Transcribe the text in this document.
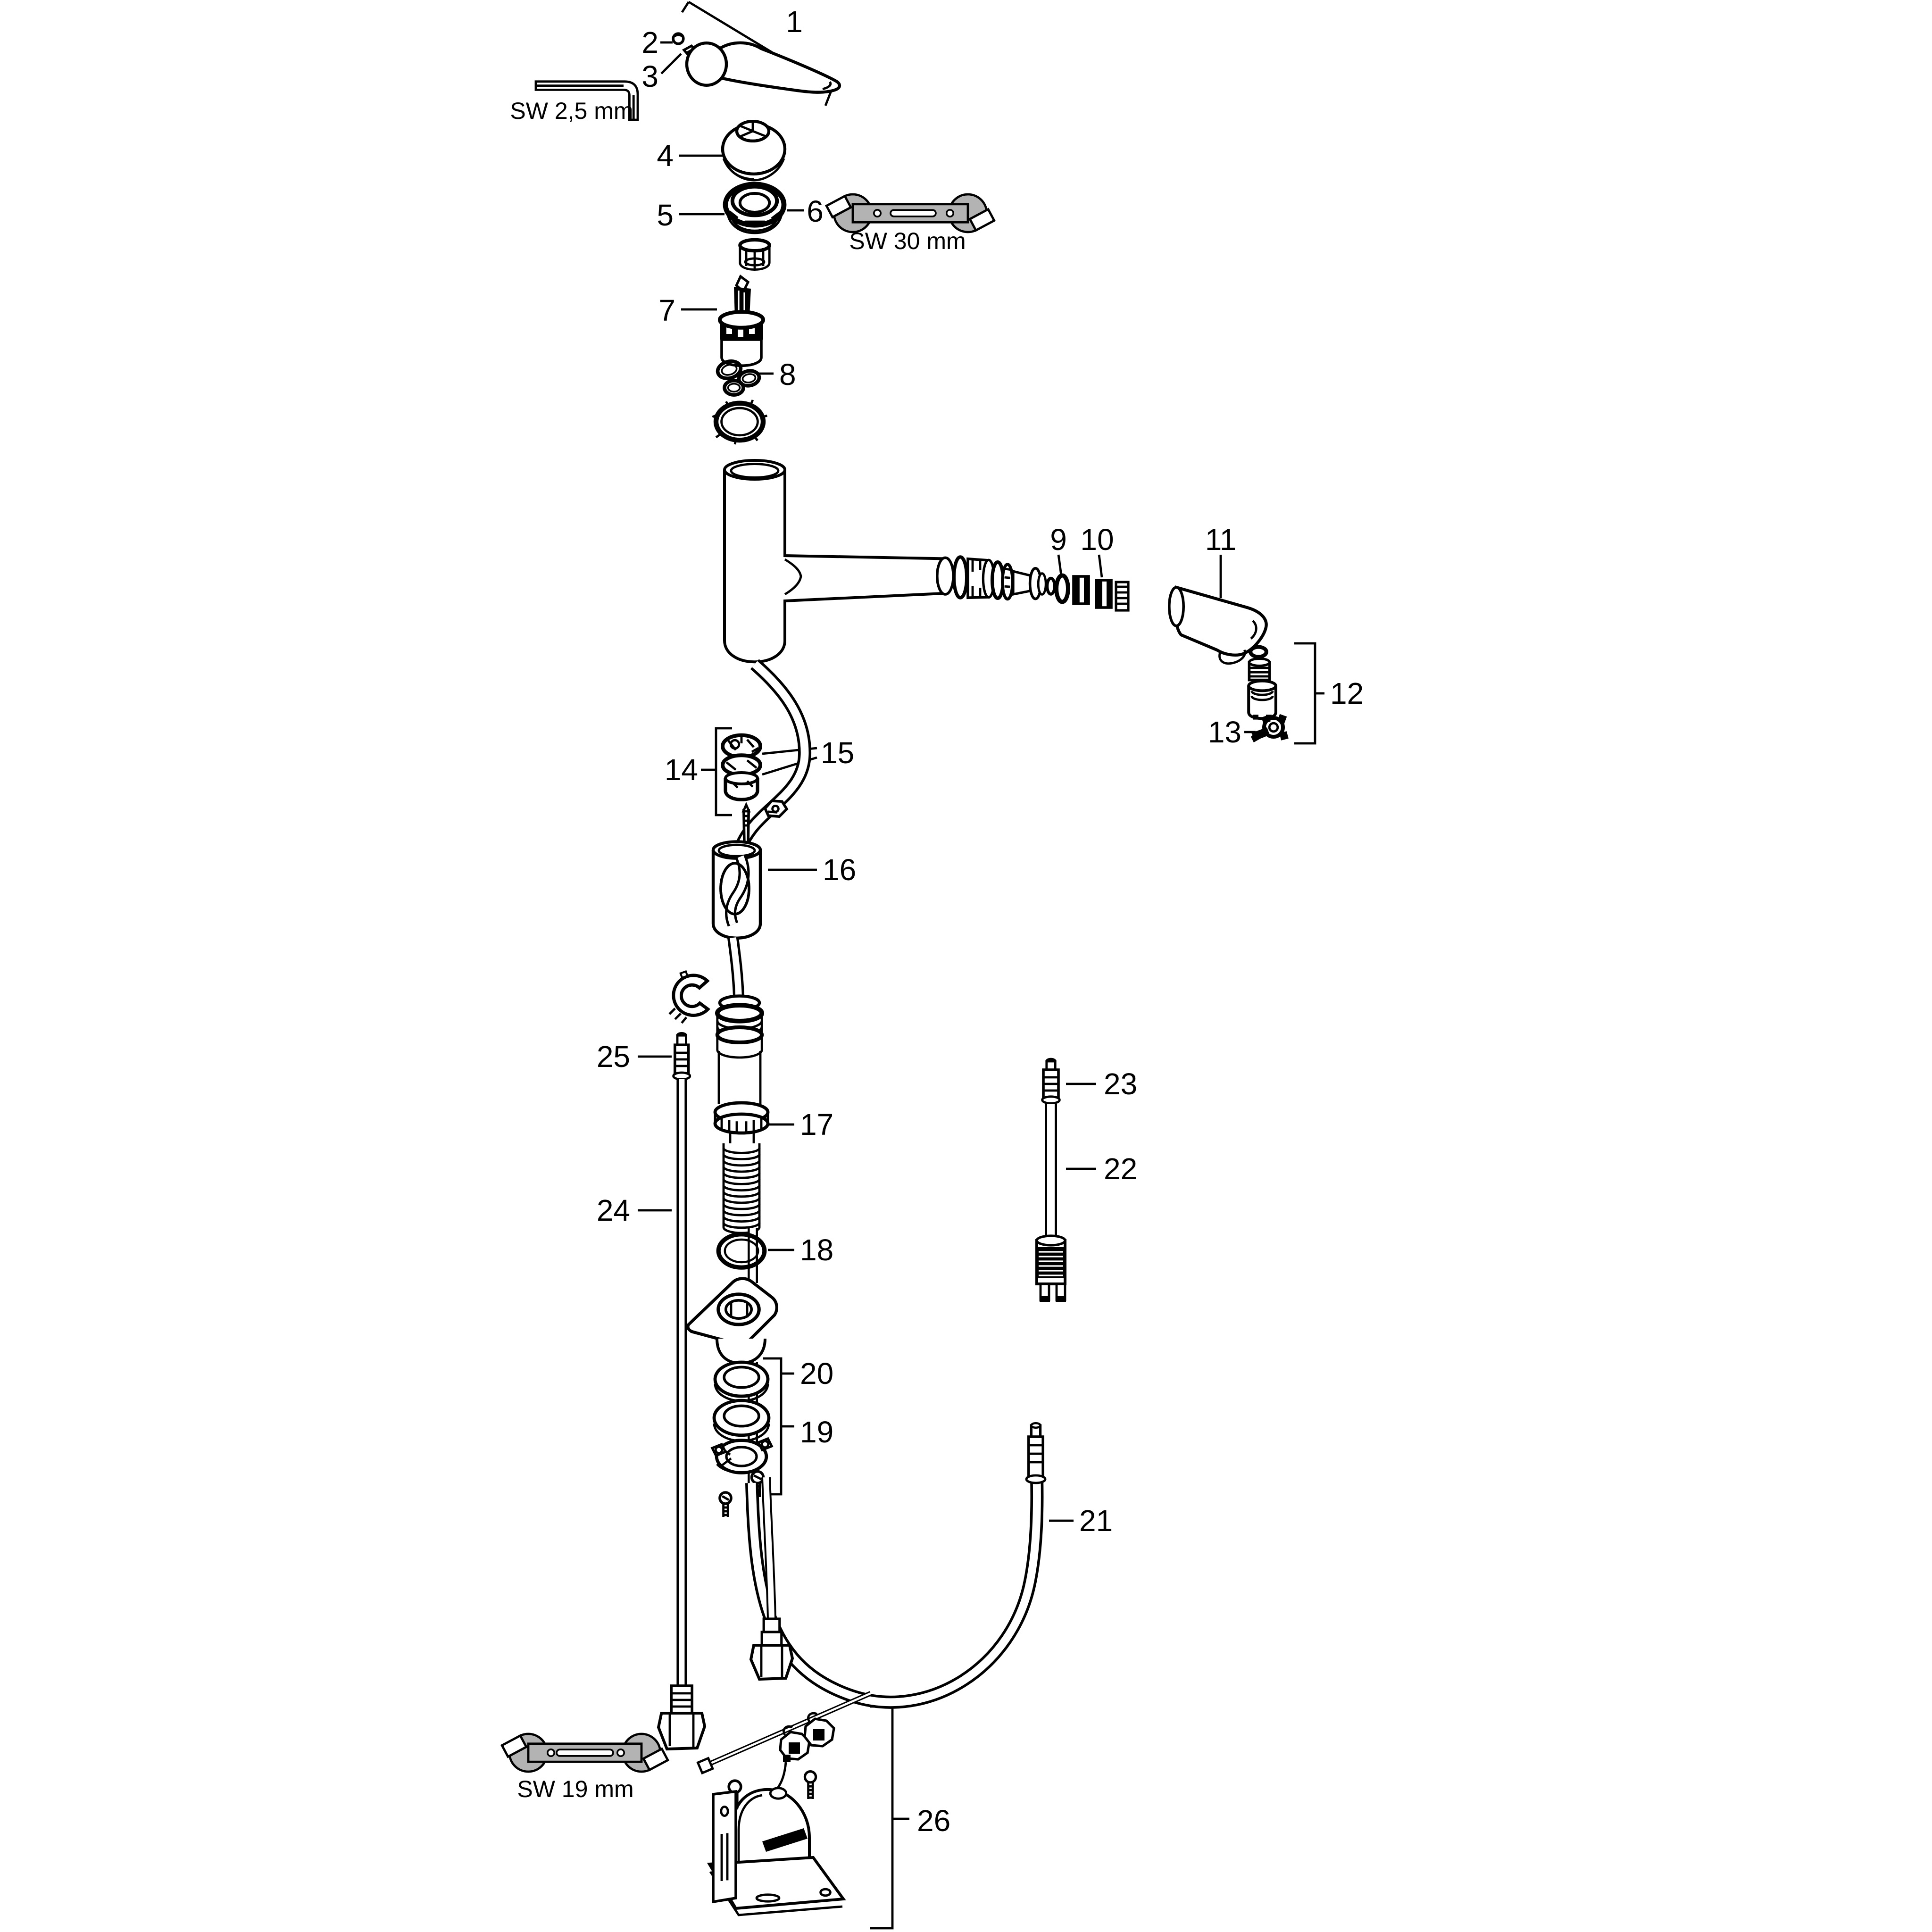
1
2
3
4
5	6
7
8
9 10	11
12
13
14	15
16
17
18
19
20
21
22
23
24
25
26
SW 2,5 mm
SW 30 mm
SW 19 mm
